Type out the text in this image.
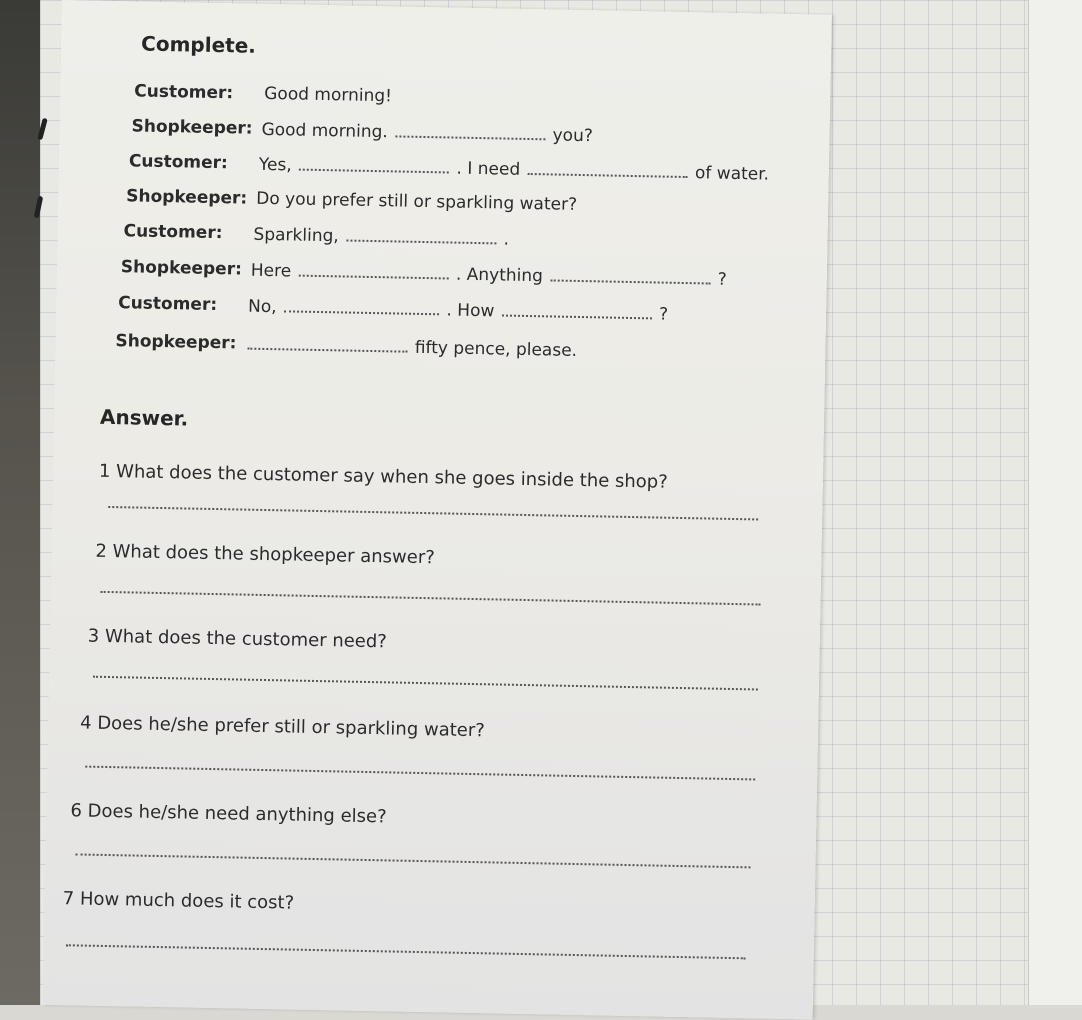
Complete.
Customer: Good morning!
Shopkeeper: Good morning.	you?
Customer: Yes,	. I need	of water.
Shopkeeper: Do you prefer still or sparkling water?
Customer: Sparkling,	.
Shopkeeper: Here	. Anything	?
Customer: No,	. How	?
Shopkeeper:	fifty pence, please.
Answer.
1 What does the customer say when she goes inside the shop?
2 What does the shopkeeper answer?
3 What does the customer need?
4 Does he/she prefer still or sparkling water?
6 Does he/she need anything else?
7 How much does it cost?
